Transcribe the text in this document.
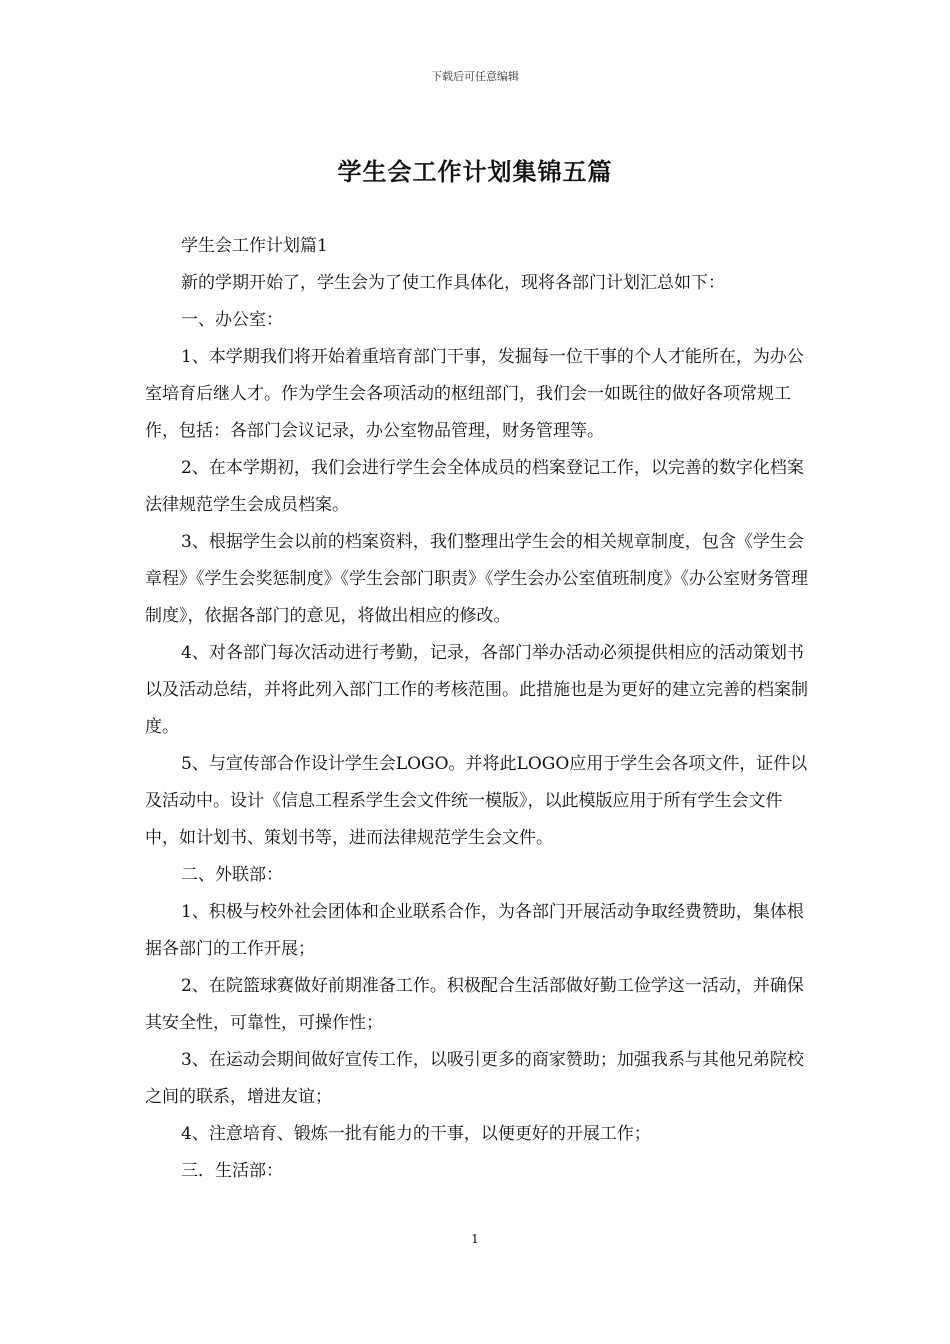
下载后可任意编辑
学生会工作计划集锦五篇

学生会工作计划篇1

新的学期开始了，学生会为了使工作具体化，现将各部门计划汇总如下：

一、办公室：

1、本学期我们将开始着重培育部门干事，发掘每一位干事的个人才能所在，为办公室培育后继人才。作为学生会各项活动的枢纽部门，我们会一如既往的做好各项常规工作，包括：各部门会议记录，办公室物品管理，财务管理等。

2、在本学期初，我们会进行学生会全体成员的档案登记工作，以完善的数字化档案法律规范学生会成员档案。

3、根据学生会以前的档案资料，我们整理出学生会的相关规章制度，包含《学生会章程》《学生会奖惩制度》《学生会部门职责》《学生会办公室值班制度》《办公室财务管理制度》，依据各部门的意见，将做出相应的修改。

4、对各部门每次活动进行考勤，记录，各部门举办活动必须提供相应的活动策划书以及活动总结，并将此列入部门工作的考核范围。此措施也是为更好的建立完善的档案制度。

5、与宣传部合作设计学生会LOGO。并将此LOGO应用于学生会各项文件，证件以及活动中。设计《信息工程系学生会文件统一模版》，以此模版应用于所有学生会文件中，如计划书、策划书等，进而法律规范学生会文件。

二、外联部：

1、积极与校外社会团体和企业联系合作，为各部门开展活动争取经费赞助，集体根据各部门的工作开展；

2、在院篮球赛做好前期准备工作。积极配合生活部做好勤工俭学这一活动，并确保其安全性，可靠性，可操作性；

3、在运动会期间做好宣传工作，以吸引更多的商家赞助；加强我系与其他兄弟院校之间的联系，增进友谊；

4、注意培育、锻炼一批有能力的干事，以便更好的开展工作；

三．生活部：

1
